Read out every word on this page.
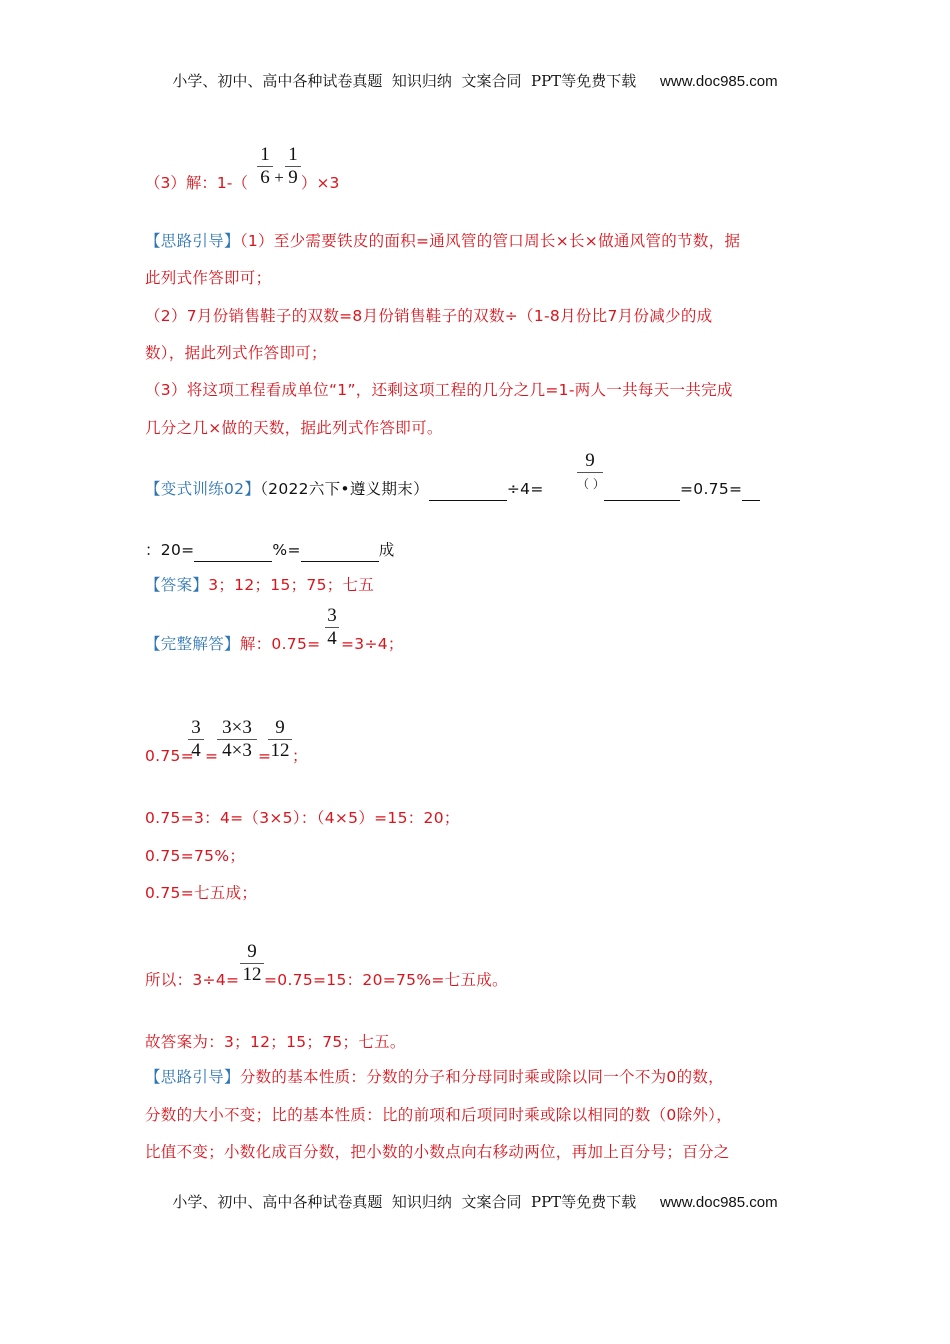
小学、初中、高中各种试卷真题  知识归纳  文案合同  PPT等免费下载 www.doc985.com
（3）解：1-（
1
6 +
1
9 ）×3
【思路引导】（1）至少需要铁皮的面积=通风管的管口周长×长×做通风管的节数，据
此列式作答即可；
（2）7月份销售鞋子的双数=8月份销售鞋子的双数÷（1-8月份比7月份减少的成
数），据此列式作答即可；
（3）将这项工程看成单位“1”，还剩这项工程的几分之几=1-两人一共每天一共完成
几分之几×做的天数，据此列式作答即可。
【变式训练02】（2022六下•遵义期末）	÷4=
9
（ ）	=0.75=
：20=	%=	成
【答案】3；12；15；75；七五
【完整解答】解：0.75=
3
4 =3÷4；
0.75=
3
4 =
3×3
4×3 =
9
12 ；
0.75=3：4=（3×5）：（4×5）=15：20；
0.75=75%；
0.75=七五成；
所以：3÷4=
9
12 =0.75=15：20=75%=七五成。
故答案为：3；12；15；75；七五。
【思路引导】分数的基本性质：分数的分子和分母同时乘或除以同一个不为0的数，
分数的大小不变；比的基本性质：比的前项和后项同时乘或除以相同的数（0除外），
比值不变；小数化成百分数，把小数的小数点向右移动两位，再加上百分号；百分之
小学、初中、高中各种试卷真题  知识归纳  文案合同  PPT等免费下载 www.doc985.com
